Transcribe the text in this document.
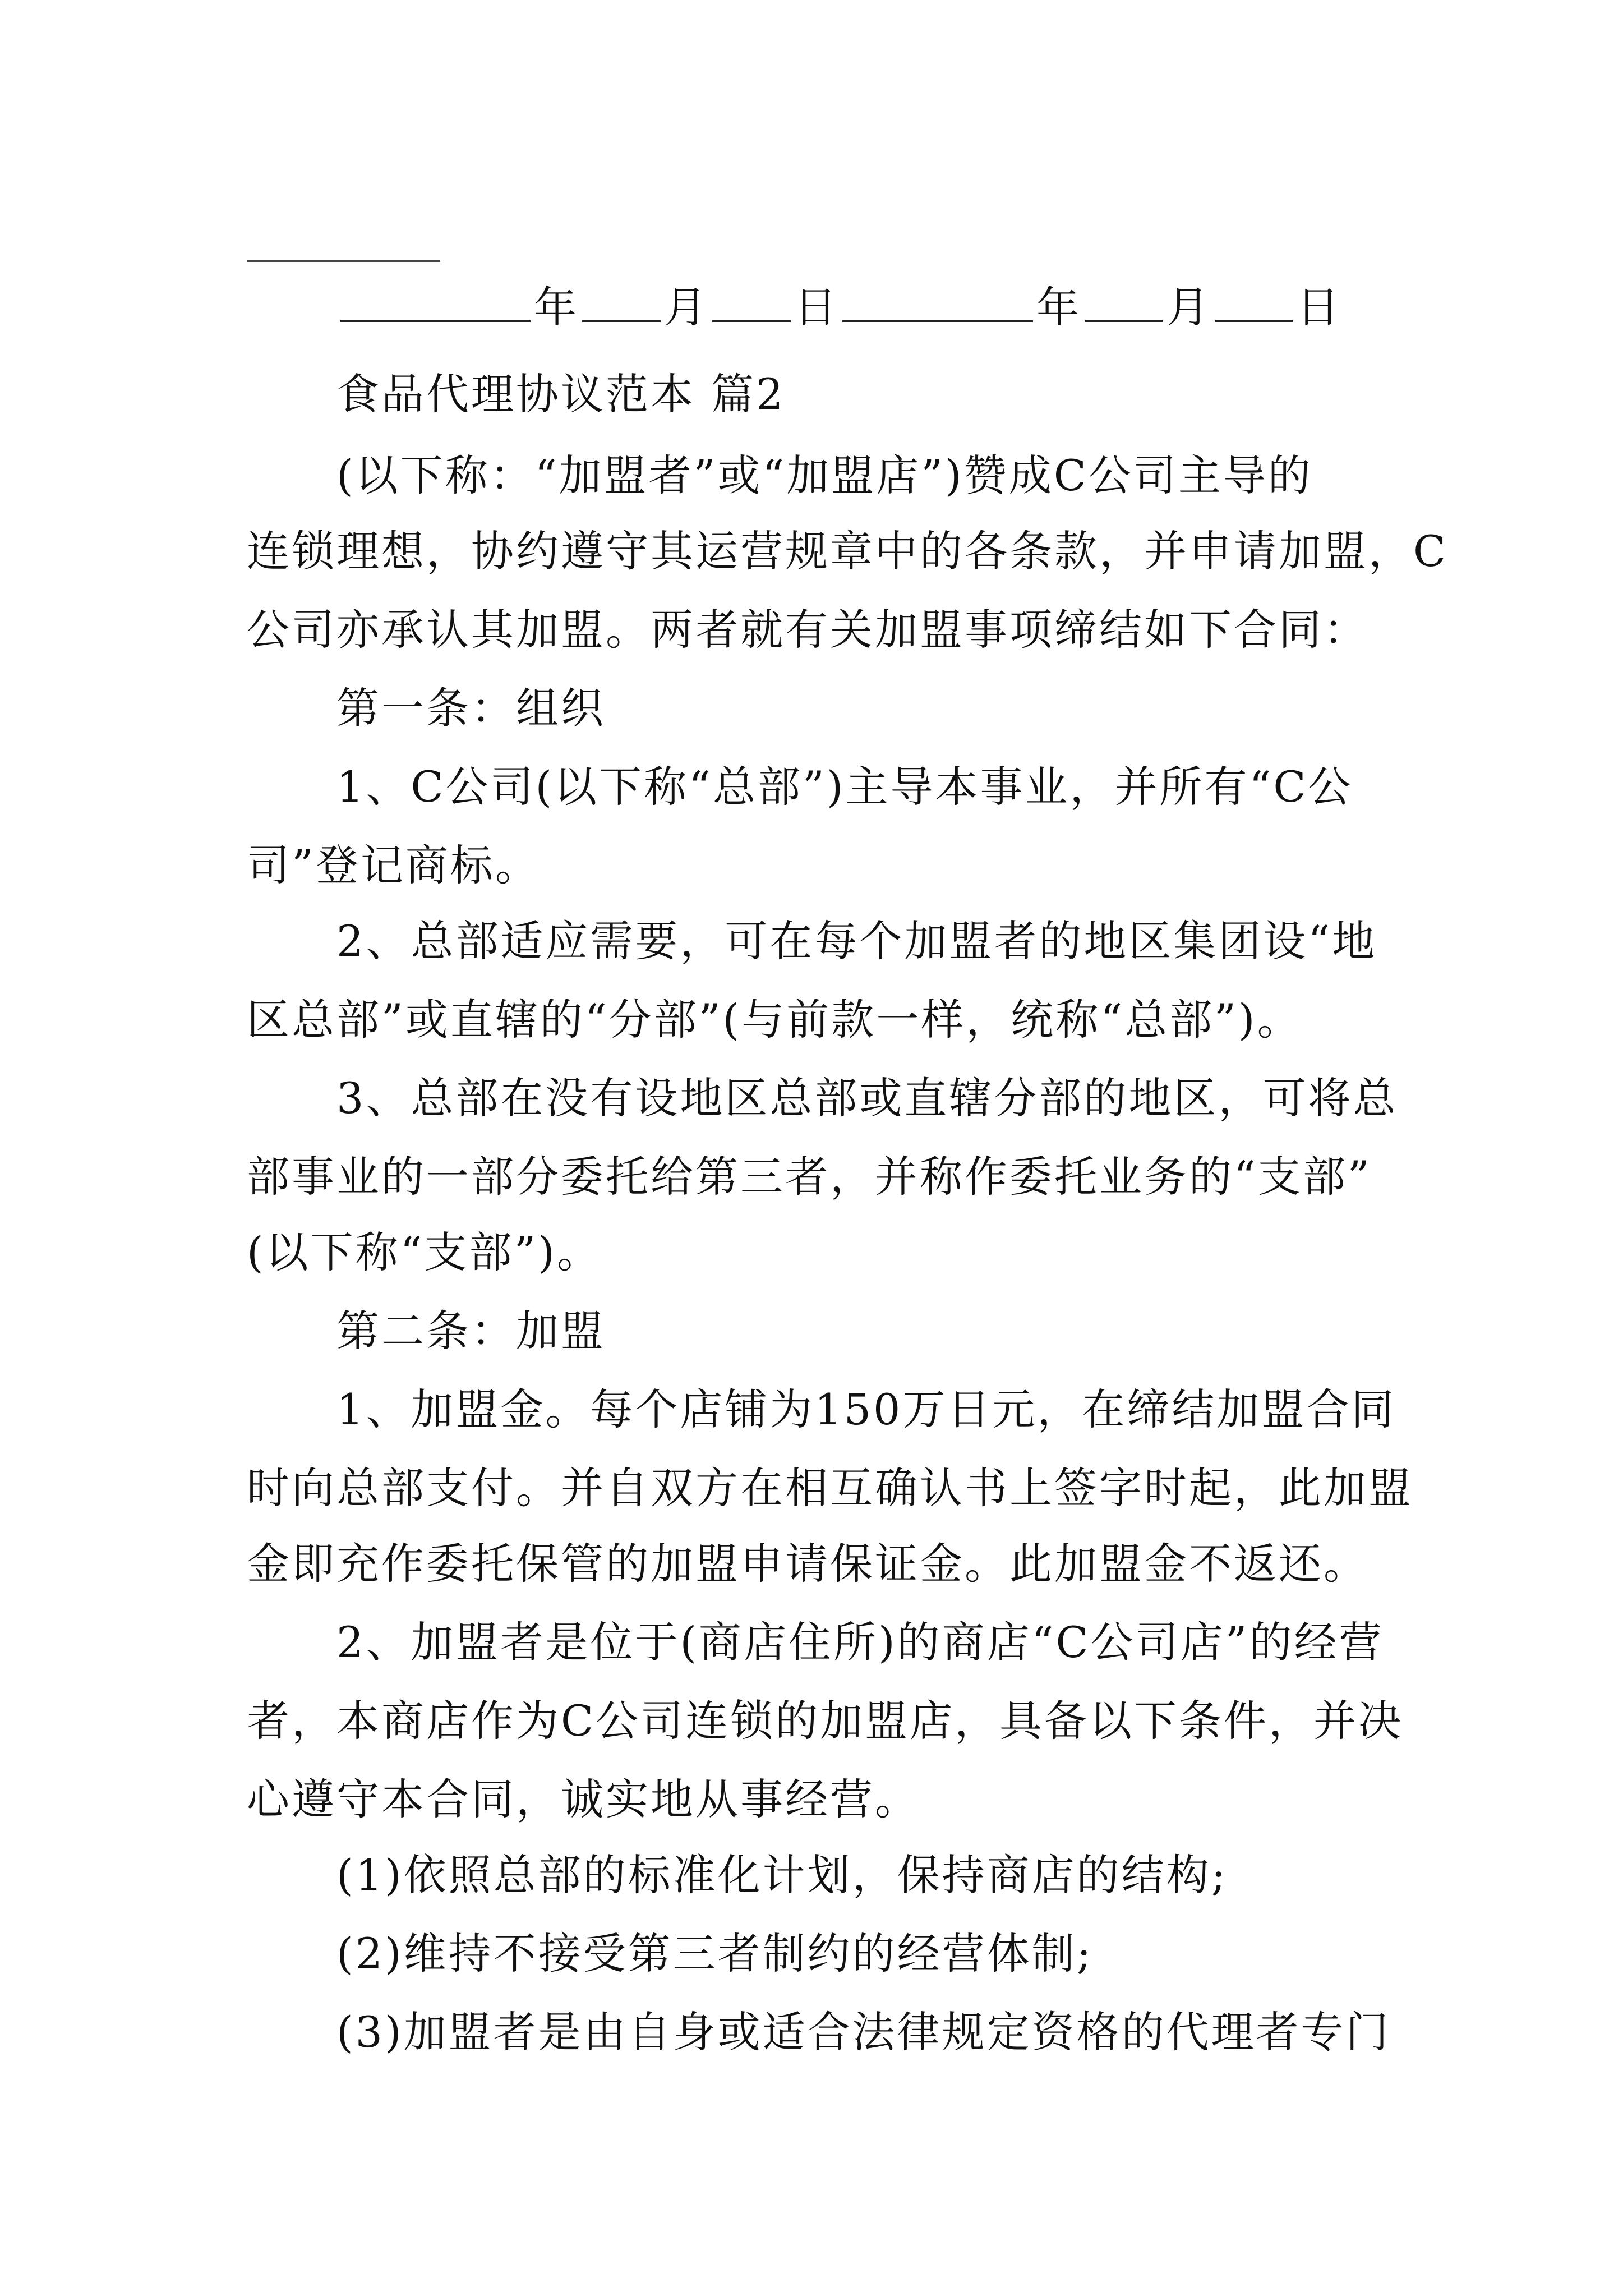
年 月 日	年 月 日
食品代理协议范本 篇2
(以下称：“加盟者”或“加盟店”)赞成C公司主导的
连锁理想，协约遵守其运营规章中的各条款，并申请加盟，C
公司亦承认其加盟。两者就有关加盟事项缔结如下合同：
第一条：组织
1、C公司(以下称“总部”)主导本事业，并所有“C公
司”登记商标。
2、总部适应需要，可在每个加盟者的地区集团设“地
区总部”或直辖的“分部”(与前款一样，统称“总部”)。
3、总部在没有设地区总部或直辖分部的地区，可将总
部事业的一部分委托给第三者，并称作委托业务的“支部”
(以下称“支部”)。
第二条：加盟
1、加盟金。每个店铺为150万日元，在缔结加盟合同
时向总部支付。并自双方在相互确认书上签字时起，此加盟
金即充作委托保管的加盟申请保证金。此加盟金不返还。
2、加盟者是位于(商店住所)的商店“C公司店”的经营
者，本商店作为C公司连锁的加盟店，具备以下条件，并决
心遵守本合同，诚实地从事经营。
(1)依照总部的标准化计划，保持商店的结构;
(2)维持不接受第三者制约的经营体制;
(3)加盟者是由自身或适合法律规定资格的代理者专门
